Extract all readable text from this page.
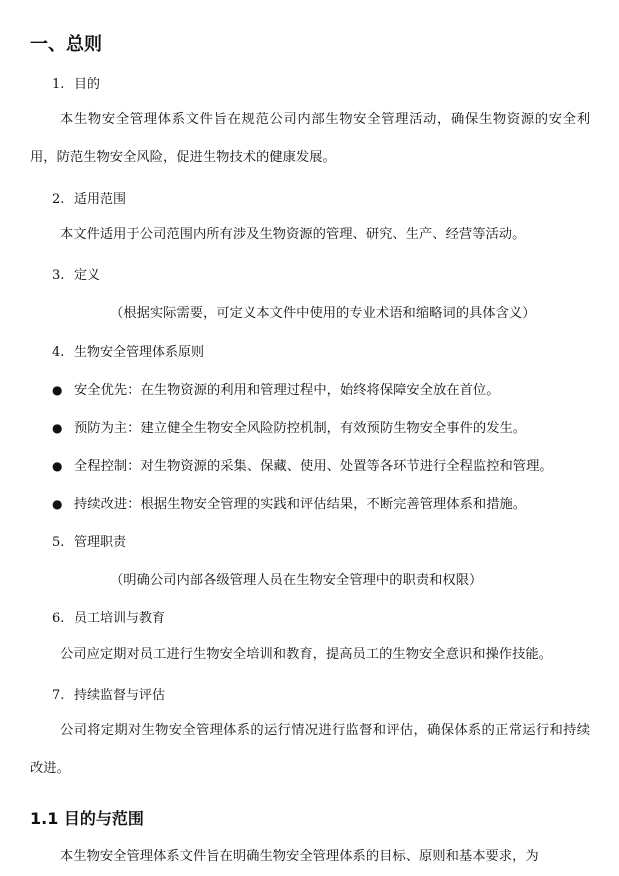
一、总则
1. 目的
本生物安全管理体系文件旨在规范公司内部生物安全管理活动，确保生物资源的安全利用，防范生物安全风险，促进生物技术的健康发展。
2. 适用范围
本文件适用于公司范围内所有涉及生物资源的管理、研究、生产、经营等活动。
3. 定义
（根据实际需要，可定义本文件中使用的专业术语和缩略词的具体含义）
4. 生物安全管理体系原则
● 安全优先：在生物资源的利用和管理过程中，始终将保障安全放在首位。
● 预防为主：建立健全生物安全风险防控机制，有效预防生物安全事件的发生。
● 全程控制：对生物资源的采集、保藏、使用、处置等各环节进行全程监控和管理。
● 持续改进：根据生物安全管理的实践和评估结果，不断完善管理体系和措施。
5. 管理职责
（明确公司内部各级管理人员在生物安全管理中的职责和权限）
6. 员工培训与教育
公司应定期对员工进行生物安全培训和教育，提高员工的生物安全意识和操作技能。
7. 持续监督与评估
公司将定期对生物安全管理体系的运行情况进行监督和评估，确保体系的正常运行和持续改进。
1.1 目的与范围
本生物安全管理体系文件旨在明确生物安全管理体系的目标、原则和基本要求，为
